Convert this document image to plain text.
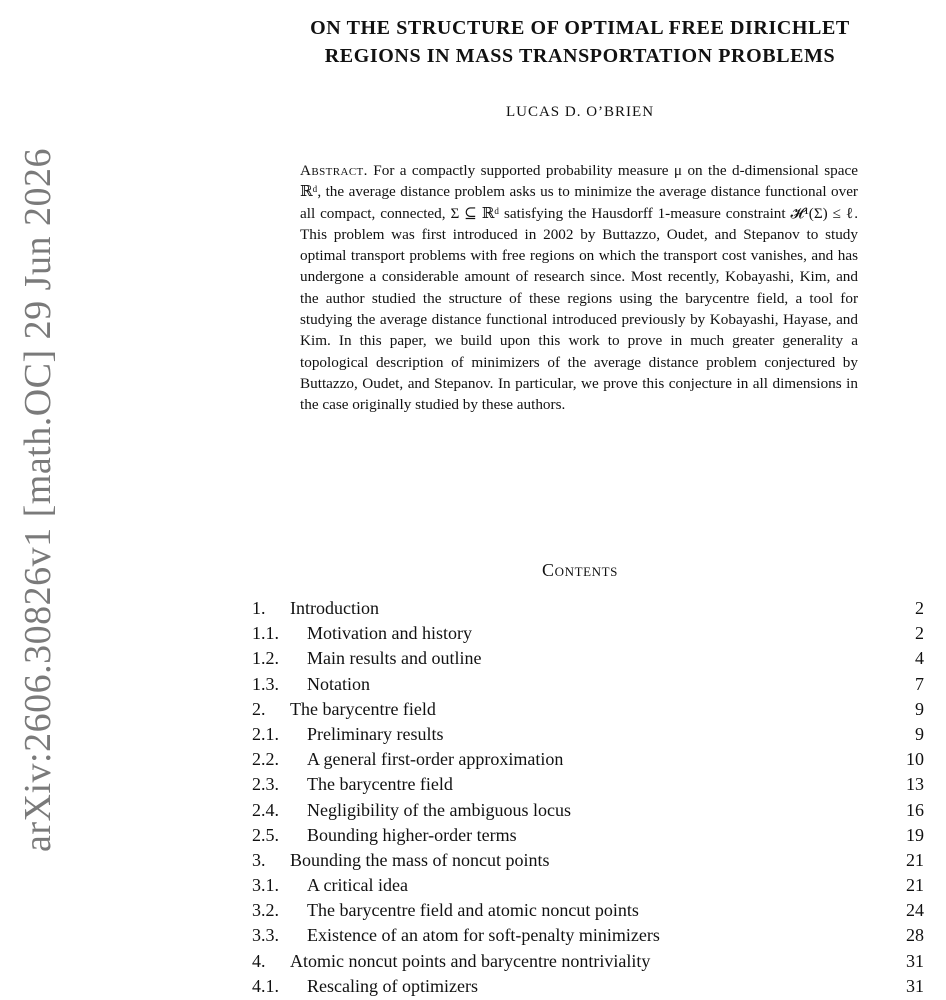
arXiv:2606.30826v1 [math.OC] 29 Jun 2026
ON THE STRUCTURE OF OPTIMAL FREE DIRICHLET
REGIONS IN MASS TRANSPORTATION PROBLEMS
LUCAS D. O’BRIEN
Abstract. For a compactly supported probability measure μ on the d-dimensional space ℝᵈ, the average distance problem asks us to minimize the average distance functional over all compact, connected, Σ ⊆ ℝᵈ satisfying the Hausdorff 1-measure constraint 𝓗¹(Σ) ≤ ℓ. This problem was first introduced in 2002 by Buttazzo, Oudet, and Stepanov to study optimal transport problems with free regions on which the transport cost vanishes, and has undergone a considerable amount of research since. Most recently, Kobayashi, Kim, and the author studied the structure of these regions using the barycentre field, a tool for studying the average distance functional introduced previously by Kobayashi, Hayase, and Kim. In this paper, we build upon this work to prove in much greater generality a topological description of minimizers of the average distance problem conjectured by Buttazzo, Oudet, and Stepanov. In particular, we prove this conjecture in all dimensions in the case originally studied by these authors.
Contents
1. Introduction	2
1.1. Motivation and history	2
1.2. Main results and outline	4
1.3. Notation	7
2. The barycentre field	9
2.1. Preliminary results	9
2.2. A general first-order approximation	10
2.3. The barycentre field	13
2.4. Negligibility of the ambiguous locus	16
2.5. Bounding higher-order terms	19
3. Bounding the mass of noncut points	21
3.1. A critical idea	21
3.2. The barycentre field and atomic noncut points	24
3.3. Existence of an atom for soft-penalty minimizers	28
4. Atomic noncut points and barycentre nontriviality	31
4.1. Rescaling of optimizers	31
